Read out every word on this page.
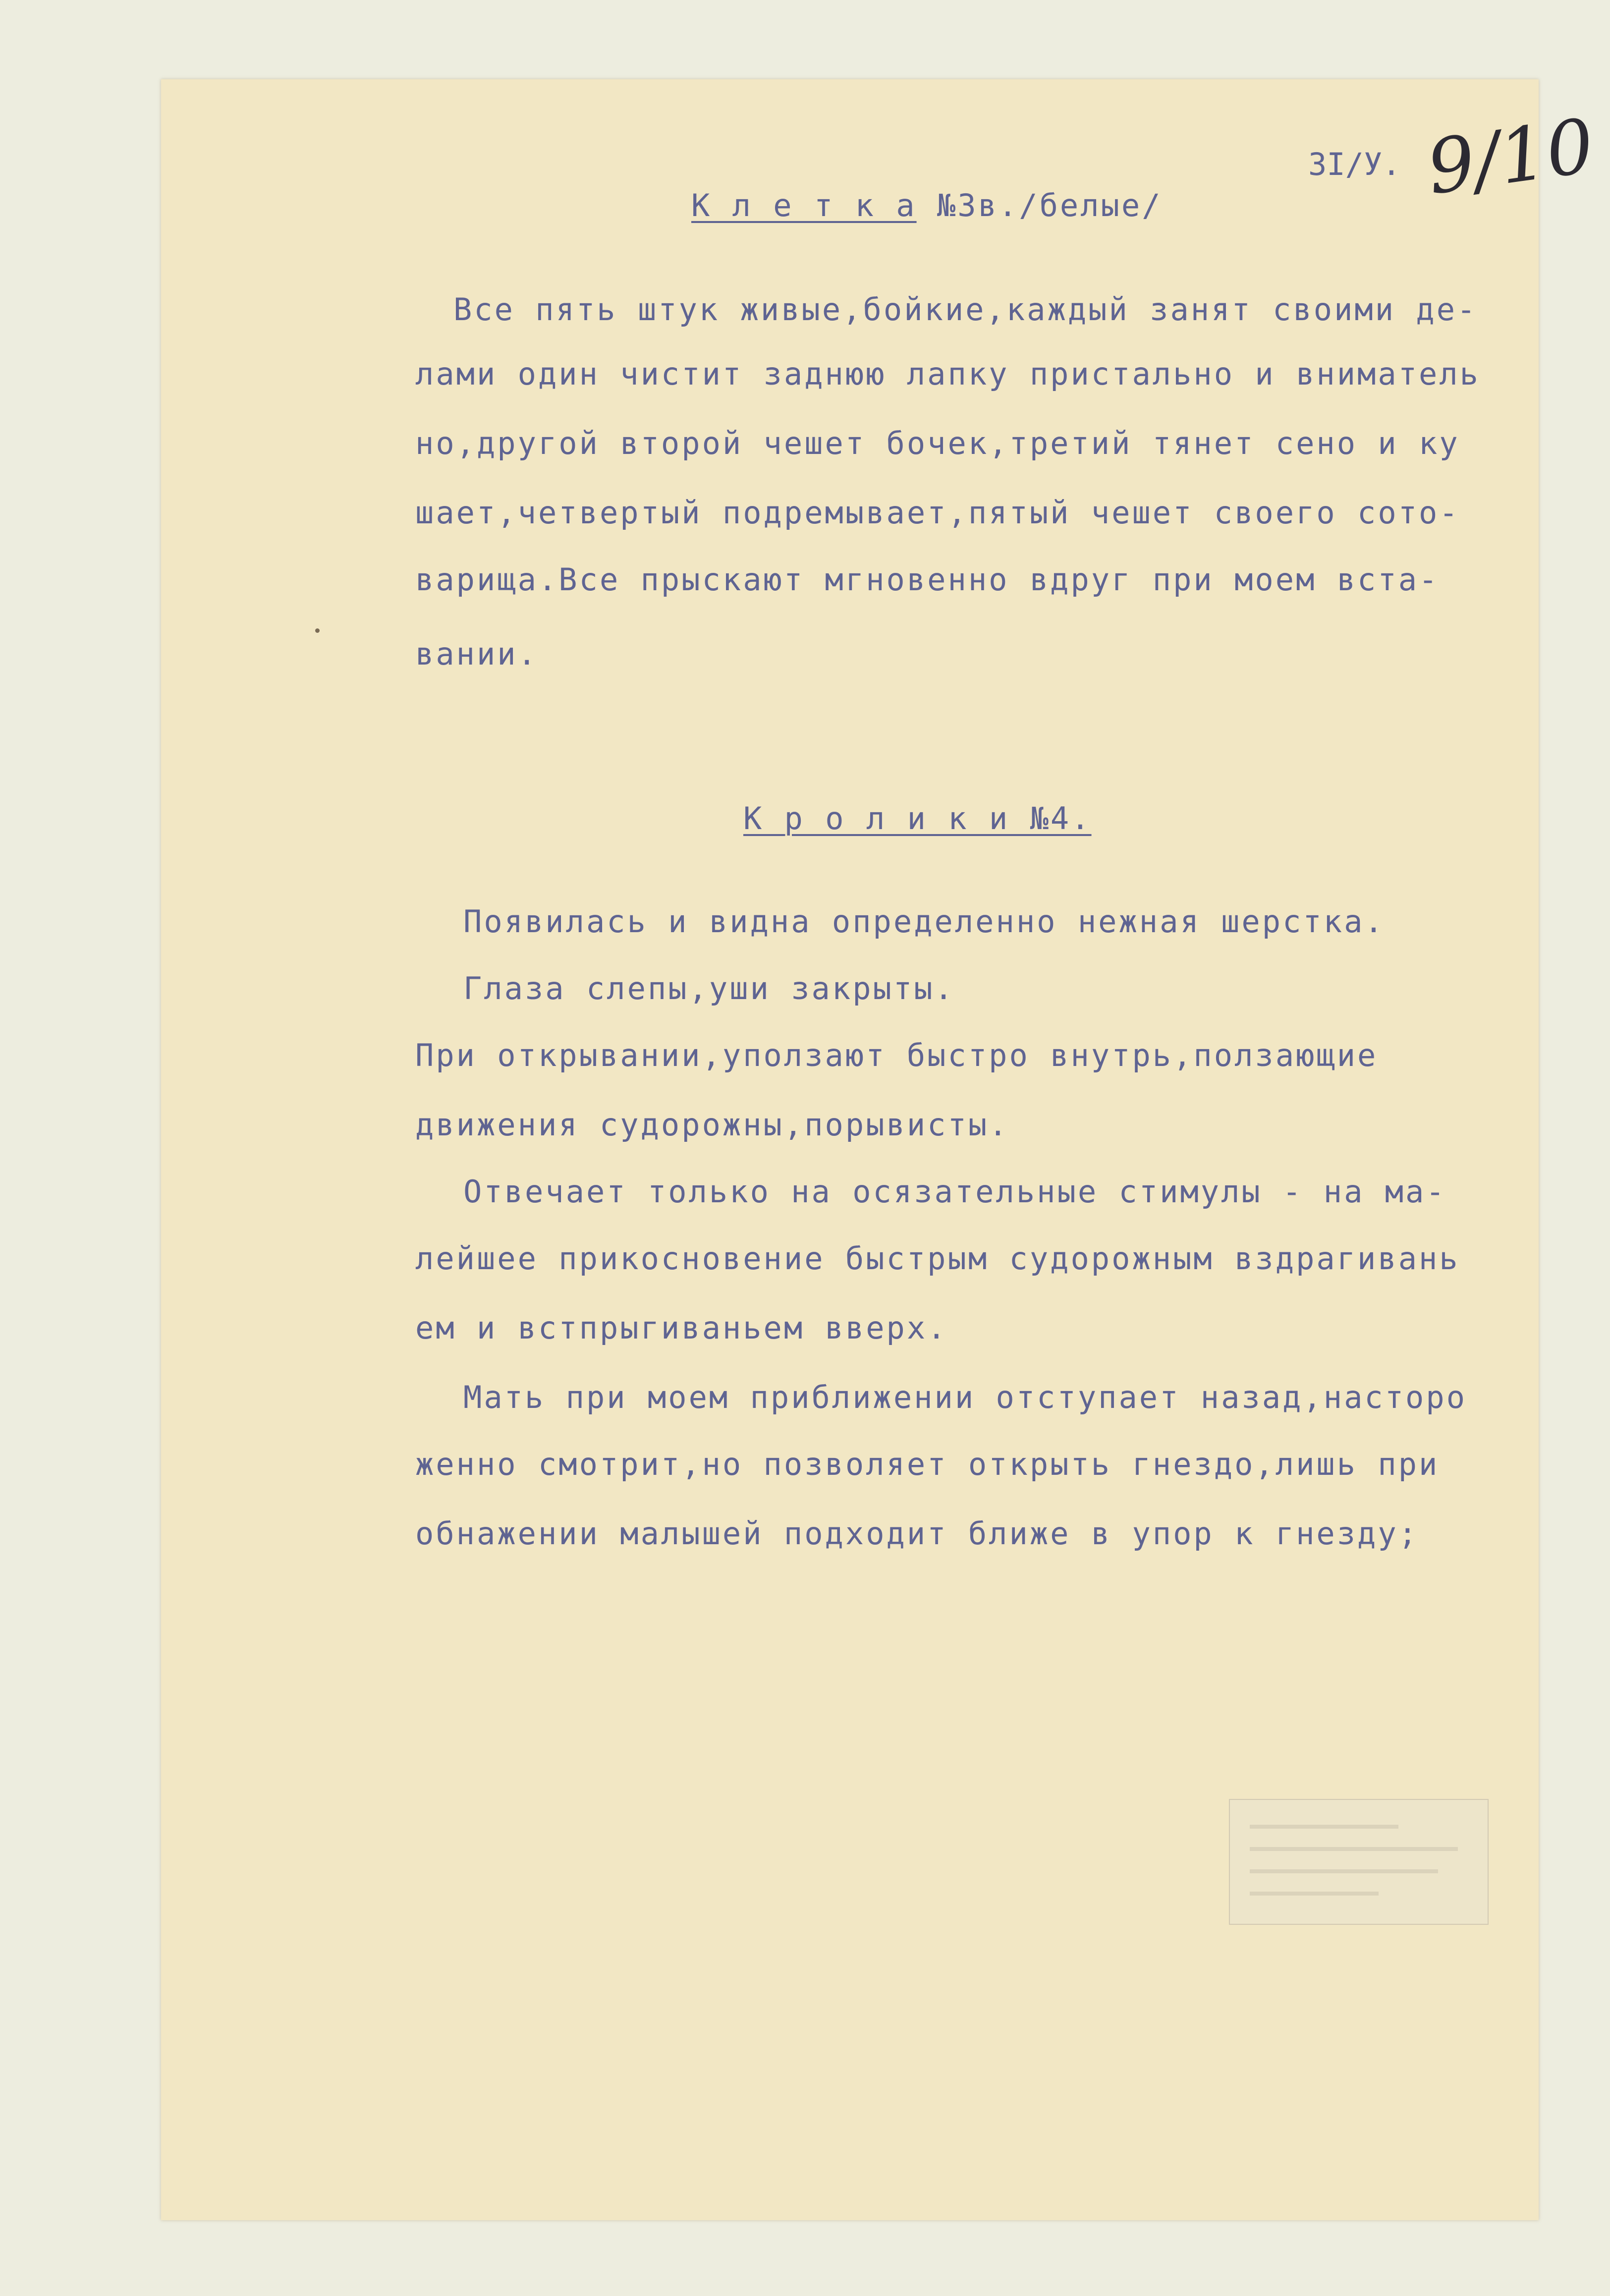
3I/У. 9/10
К л е т к а №3в./белые/
Все пять штук живые,бойкие,каждый занят своими де-
лами один чистит заднюю лапку пристально и вниматель
но,другой второй чешет бочек,третий тянет сено и ку
шает,четвертый подремывает,пятый чешет своего сото-
варища.Все прыскают мгновенно вдруг при моем вста-
вании.
К р о л и к и №4.
Появилась и видна определенно нежная шерстка.
Глаза слепы,уши закрыты.
При открывании,уползают быстро внутрь,ползающие
движения судорожны,порывисты.
Отвечает только на осязательные стимулы - на ма-
лейшее прикосновение быстрым судорожным вздрагивань
ем и встпрыгиваньем вверх.
Мать при моем приближении отступает назад,насторо
женно смотрит,но позволяет открыть гнездо,лишь при
обнажении малышей подходит ближе в упор к гнезду;
